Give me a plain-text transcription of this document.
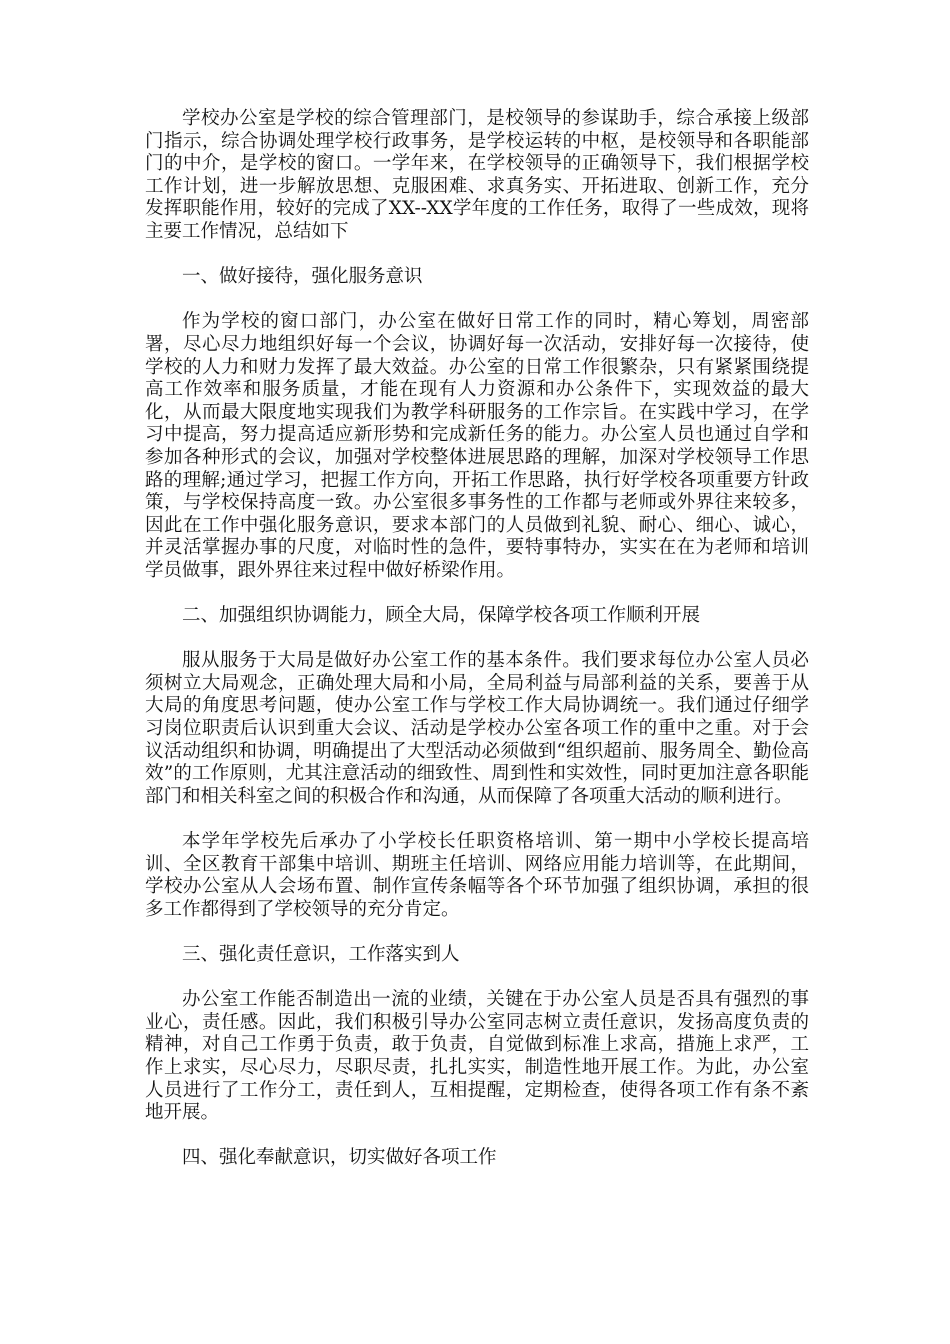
学校办公室是学校的综合管理部门，是校领导的参谋助手，综合承接上级部门指示，综合协调处理学校行政事务，是学校运转的中枢，是校领导和各职能部门的中介，是学校的窗口。一学年来，在学校领导的正确领导下，我们根据学校工作计划，进一步解放思想、克服困难、求真务实、开拓进取、创新工作，充分发挥职能作用，较好的完成了XX--XX学年度的工作任务，取得了一些成效，现将主要工作情况，总结如下

一、做好接待，强化服务意识

作为学校的窗口部门，办公室在做好日常工作的同时，精心筹划，周密部署，尽心尽力地组织好每一个会议，协调好每一次活动，安排好每一次接待，使学校的人力和财力发挥了最大效益。办公室的日常工作很繁杂，只有紧紧围绕提高工作效率和服务质量，才能在现有人力资源和办公条件下，实现效益的最大化，从而最大限度地实现我们为教学科研服务的工作宗旨。在实践中学习，在学习中提高，努力提高适应新形势和完成新任务的能力。办公室人员也通过自学和参加各种形式的会议，加强对学校整体进展思路的理解，加深对学校领导工作思路的理解;通过学习，把握工作方向，开拓工作思路，执行好学校各项重要方针政策，与学校保持高度一致。办公室很多事务性的工作都与老师或外界往来较多，因此在工作中强化服务意识，要求本部门的人员做到礼貌、耐心、细心、诚心，并灵活掌握办事的尺度，对临时性的急件，要特事特办，实实在在为老师和培训学员做事，跟外界往来过程中做好桥梁作用。

二、加强组织协调能力，顾全大局，保障学校各项工作顺利开展

服从服务于大局是做好办公室工作的基本条件。我们要求每位办公室人员必须树立大局观念，正确处理大局和小局，全局利益与局部利益的关系，要善于从大局的角度思考问题，使办公室工作与学校工作大局协调统一。我们通过仔细学习岗位职责后认识到重大会议、活动是学校办公室各项工作的重中之重。对于会议活动组织和协调，明确提出了大型活动必须做到“组织超前、服务周全、勤俭高效”的工作原则，尤其注意活动的细致性、周到性和实效性，同时更加注意各职能部门和相关科室之间的积极合作和沟通，从而保障了各项重大活动的顺利进行。

本学年学校先后承办了小学校长任职资格培训、第一期中小学校长提高培训、全区教育干部集中培训、期班主任培训、网络应用能力培训等，在此期间，学校办公室从人会场布置、制作宣传条幅等各个环节加强了组织协调，承担的很多工作都得到了学校领导的充分肯定。

三、强化责任意识，工作落实到人

办公室工作能否制造出一流的业绩，关键在于办公室人员是否具有强烈的事业心，责任感。因此，我们积极引导办公室同志树立责任意识，发扬高度负责的精神，对自己工作勇于负责，敢于负责，自觉做到标准上求高，措施上求严，工作上求实，尽心尽力，尽职尽责，扎扎实实，制造性地开展工作。为此，办公室人员进行了工作分工，责任到人，互相提醒，定期检查，使得各项工作有条不紊地开展。

四、强化奉献意识，切实做好各项工作
